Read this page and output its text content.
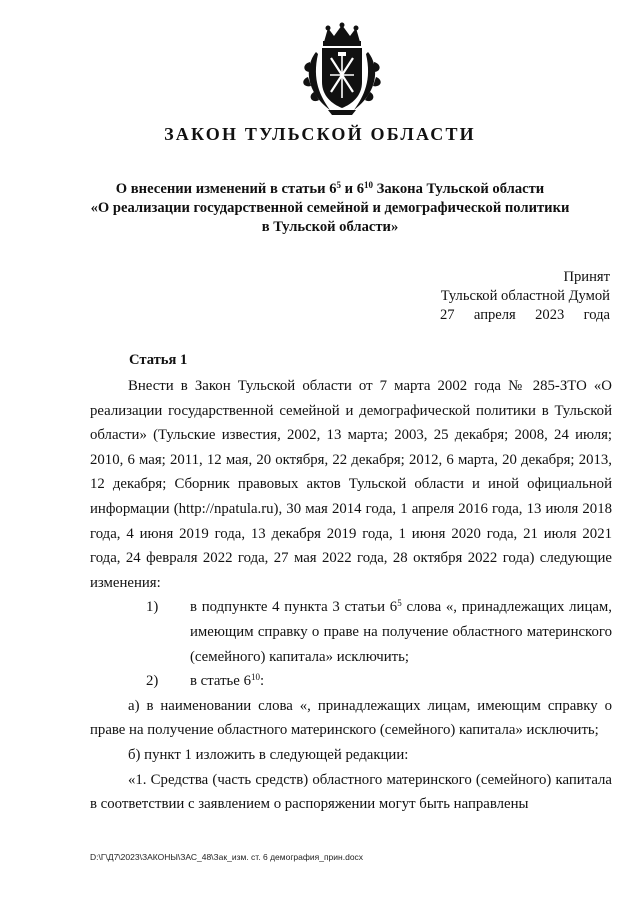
ЗАКОН ТУЛЬСКОЙ ОБЛАСТИ
О внесении изменений в статьи $6^5$ и $6^{10}$ Закона Тульской области
«О реализации государственной семейной и демографической политики
в Тульской области»
Принят
Тульской областной Думой
27 апреля 2023 года
Статья 1

Внести в Закон Тульской области от 7 марта 2002 года № 285-ЗТО «О реализации государственной семейной и демографической политики в Тульской области» (Тульские известия, 2002, 13 марта; 2003, 25 декабря; 2008, 24 июля; 2010, 6 мая; 2011, 12 мая, 20 октября, 22 декабря; 2012, 6 марта, 20 декабря; 2013, 12 декабря; Сборник правовых актов Тульской области и иной официальной информации (http://npatula.ru), 30 мая 2014 года, 1 апреля 2016 года, 13 июля 2018 года, 4 июня 2019 года, 13 декабря 2019 года, 1 июня 2020 года, 21 июля 2021 года, 24 февраля 2022 года, 27 мая 2022 года, 28 октября 2022 года) следующие изменения:

1)	в подпункте 4 пункта 3 статьи $6^5$ слова «, принадлежащих лицам, имеющим справку о праве на получение областного материнского (семейного) капитала» исключить;

2)	в статье $6^{10}$:

а) в наименовании слова «, принадлежащих лицам, имеющим справку о праве на получение областного материнского (семейного) капитала» исключить;

б) пункт 1 изложить в следующей редакции:

«1. Средства (часть средств) областного материнского (семейного) капитала в соответствии с заявлением о распоряжении могут быть направлены

D:\Г\Д7\2023\ЗАКОНЫ\ЗАС_48\Зак_изм. ст. 6 демография_прин.docx
